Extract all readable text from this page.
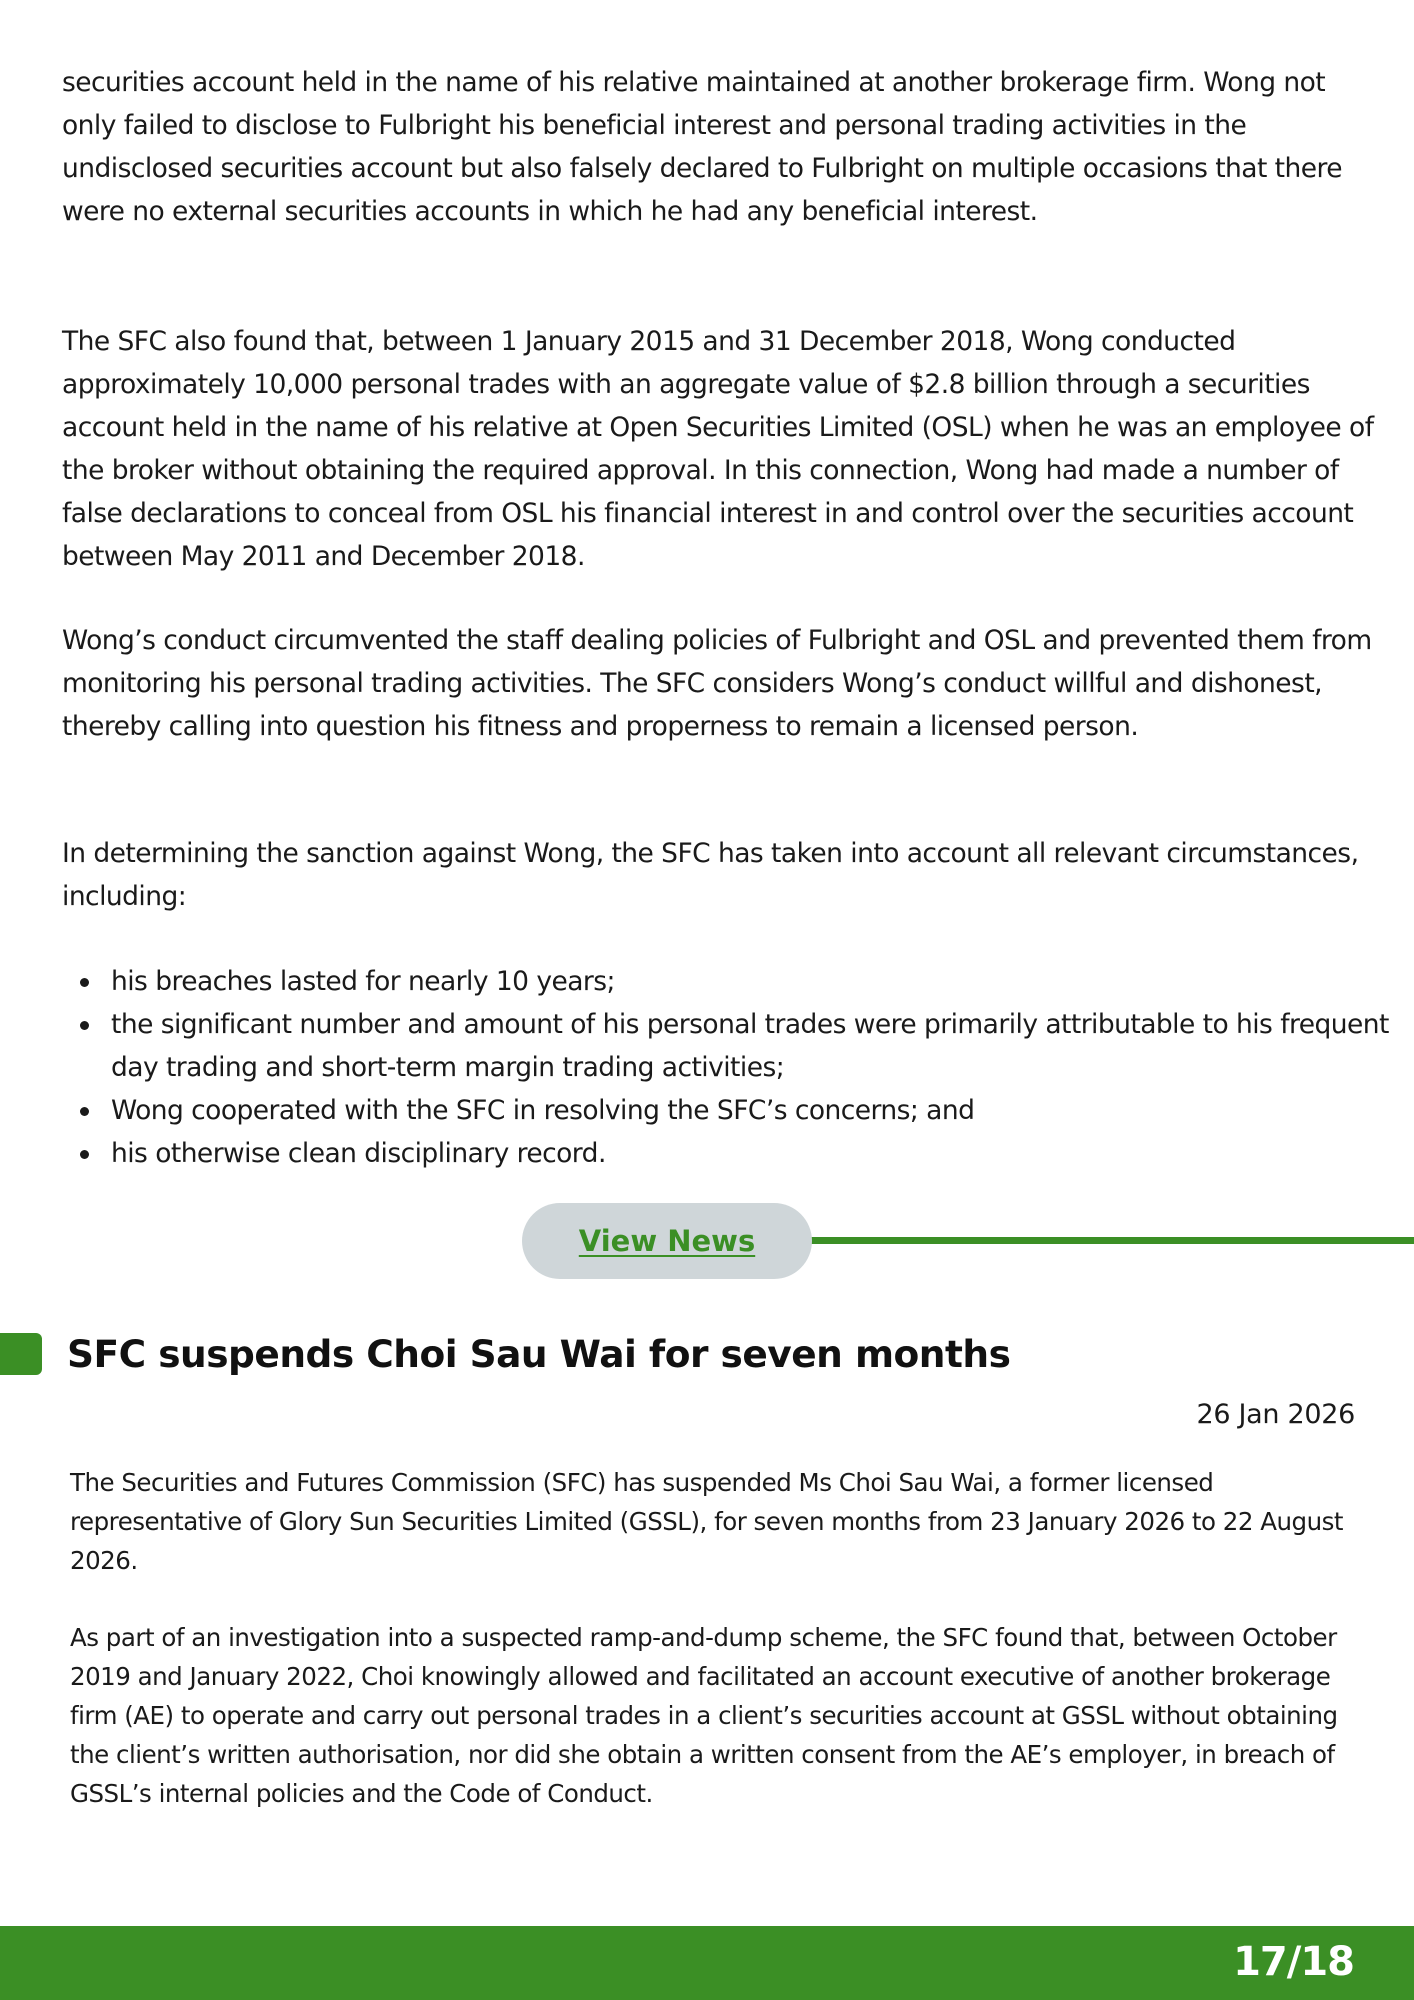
securities account held in the name of his relative maintained at another brokerage firm. Wong not only failed to disclose to Fulbright his beneficial interest and personal trading activities in the undisclosed securities account but also falsely declared to Fulbright on multiple occasions that there were no external securities accounts in which he had any beneficial interest.

The SFC also found that, between 1 January 2015 and 31 December 2018, Wong conducted approximately 10,000 personal trades with an aggregate value of $2.8 billion through a securities account held in the name of his relative at Open Securities Limited (OSL) when he was an employee of the broker without obtaining the required approval. In this connection, Wong had made a number of false declarations to conceal from OSL his financial interest in and control over the securities account between May 2011 and December 2018.

Wong’s conduct circumvented the staff dealing policies of Fulbright and OSL and prevented them from monitoring his personal trading activities. The SFC considers Wong’s conduct willful and dishonest, thereby calling into question his fitness and properness to remain a licensed person.

In determining the sanction against Wong, the SFC has taken into account all relevant circumstances, including:

his breaches lasted for nearly 10 years;
the significant number and amount of his personal trades were primarily attributable to his frequent day trading and short-term margin trading activities;
Wong cooperated with the SFC in resolving the SFC’s concerns; and
his otherwise clean disciplinary record.
View News
SFC suspends Choi Sau Wai for seven months
26 Jan 2026

The Securities and Futures Commission (SFC) has suspended Ms Choi Sau Wai, a former licensed representative of Glory Sun Securities Limited (GSSL), for seven months from 23 January 2026 to 22 August 2026.

As part of an investigation into a suspected ramp-and-dump scheme, the SFC found that, between October 2019 and January 2022, Choi knowingly allowed and facilitated an account executive of another brokerage firm (AE) to operate and carry out personal trades in a client’s securities account at GSSL without obtaining the client’s written authorisation, nor did she obtain a written consent from the AE’s employer, in breach of GSSL’s internal policies and the Code of Conduct.

17/18
